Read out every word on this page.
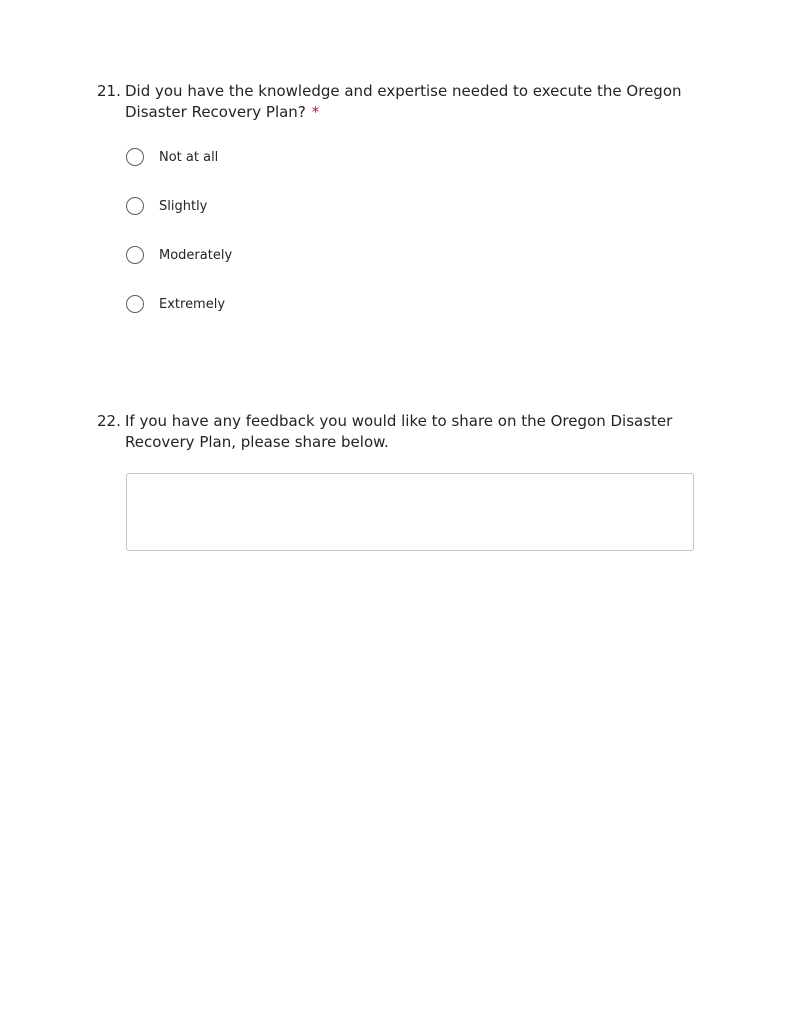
21. Did you have the knowledge and expertise needed to execute the Oregon Disaster Recovery Plan? *
Not at all
Slightly
Moderately
Extremely
22. If you have any feedback you would like to share on the Oregon Disaster Recovery Plan, please share below.
